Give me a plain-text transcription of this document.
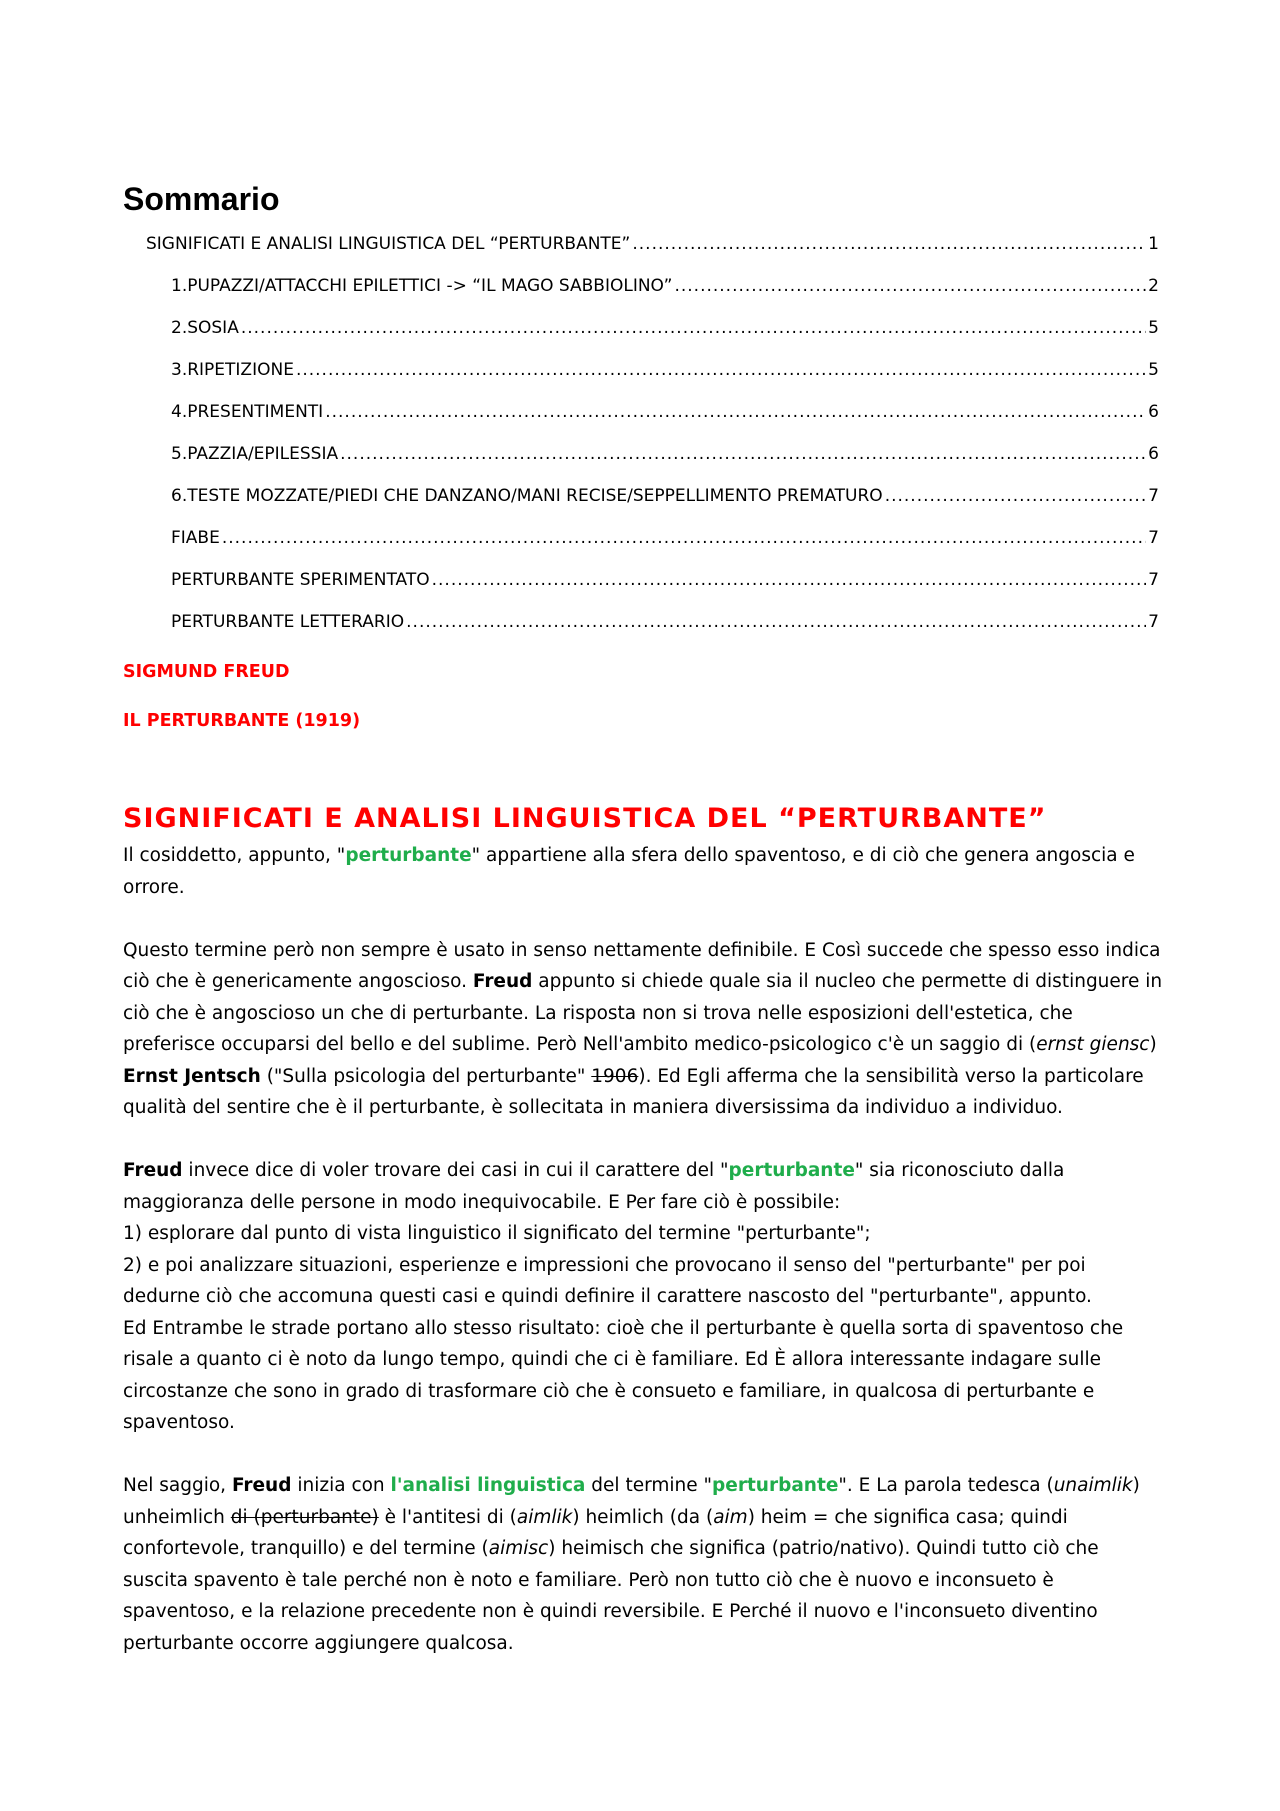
Sommario
SIGNIFICATI E ANALISI LINGUISTICA DEL “PERTURBANTE” .....	1
1.PUPAZZI/ATTACCHI EPILETTICI -> “IL MAGO SABBIOLINO” .....	2
2.SOSIA .....	5
3.RIPETIZIONE .....	5
4.PRESENTIMENTI .....	6
5.PAZZIA/EPILESSIA .....	6
6.TESTE MOZZATE/PIEDI CHE DANZANO/MANI RECISE/SEPPELLIMENTO PREMATURO .....	7
FIABE .....	7
PERTURBANTE SPERIMENTATO .....	7
PERTURBANTE LETTERARIO .....	7
SIGMUND FREUD
IL PERTURBANTE (1919)
SIGNIFICATI E ANALISI LINGUISTICA DEL “PERTURBANTE”

Il cosiddetto, appunto, "perturbante" appartiene alla sfera dello spaventoso, e di ciò che genera angoscia e orrore.

Questo termine però non sempre è usato in senso nettamente definibile. E Così succede che spesso esso indica ciò che è genericamente angoscioso. Freud appunto si chiede quale sia il nucleo che permette di distinguere in ciò che è angoscioso un che di perturbante. La risposta non si trova nelle esposizioni dell'estetica, che preferisce occuparsi del bello e del sublime. Però Nell'ambito medico-psicologico c'è un saggio di (ernst giensc) Ernst Jentsch ("Sulla psicologia del perturbante" 1906). Ed Egli afferma che la sensibilità verso la particolare qualità del sentire che è il perturbante, è sollecitata in maniera diversissima da individuo a individuo.

Freud invece dice di voler trovare dei casi in cui il carattere del "perturbante" sia riconosciuto dalla maggioranza delle persone in modo inequivocabile. E Per fare ciò è possibile:
1) esplorare dal punto di vista linguistico il significato del termine "perturbante";
2) e poi analizzare situazioni, esperienze e impressioni che provocano il senso del "perturbante" per poi dedurne ciò che accomuna questi casi e quindi definire il carattere nascosto del "perturbante", appunto.
Ed Entrambe le strade portano allo stesso risultato: cioè che il perturbante è quella sorta di spaventoso che risale a quanto ci è noto da lungo tempo, quindi che ci è familiare. Ed È allora interessante indagare sulle circostanze che sono in grado di trasformare ciò che è consueto e familiare, in qualcosa di perturbante e spaventoso.

Nel saggio, Freud inizia con l'analisi linguistica del termine "perturbante". E La parola tedesca (unaimlik) unheimlich di (perturbante) è l'antitesi di (aimlik) heimlich (da (aim) heim = che significa casa; quindi confortevole, tranquillo) e del termine (aimisc) heimisch che significa (patrio/nativo). Quindi tutto ciò che suscita spavento è tale perché non è noto e familiare. Però non tutto ciò che è nuovo e inconsueto è spaventoso, e la relazione precedente non è quindi reversibile. E Perché il nuovo e l'inconsueto diventino perturbante occorre aggiungere qualcosa.
